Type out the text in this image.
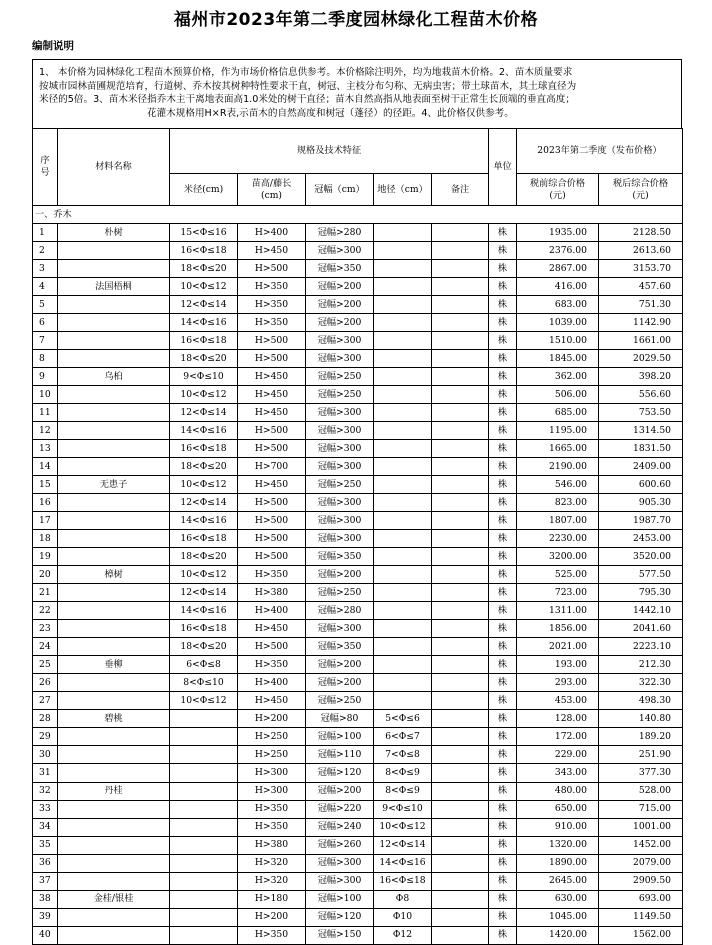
福州市2023年第二季度园林绿化工程苗木价格
编制说明
1、 本价格为园林绿化工程苗木预算价格，作为市场价格信息供参考。本价格除注明外，均为地栽苗木价格。2、苗木质量要求
按城市园林苗圃规范培育，行道树、乔木按其树种特性要求干直，树冠、主枝分布匀称、无病虫害；带土球苗木，其土球直径为
米径的5倍。3、苗木米径指乔木主干离地表面高1.0米处的树干直径；苗木自然高指从地表面至树干正常生长顶端的垂直高度；
花灌木规格用H×R表,示苗木的自然高度和树冠（蓬径）的径距。4、此价格仅供参考。
序
号	材料名称	规格及技术特征					单位	2023年第二季度（发布价格）	
		米径(cm)	苗高/藤长
(cm)	冠幅（cm）	地径（cm）	备注		税前综合价格
(元)	税后综合价格
(元)
一、乔木									
1	朴树	15<Φ≤16	H>400	冠幅>280			株	1935.00	2128.50
2		16<Φ≤18	H>450	冠幅>300			株	2376.00	2613.60
3		18<Φ≤20	H>500	冠幅>350			株	2867.00	3153.70
4	法国梧桐	10<Φ≤12	H>350	冠幅>200			株	416.00	457.60
5		12<Φ≤14	H>350	冠幅>200			株	683.00	751.30
6		14<Φ≤16	H>350	冠幅>200			株	1039.00	1142.90
7		16<Φ≤18	H>500	冠幅>300			株	1510.00	1661.00
8		18<Φ≤20	H>500	冠幅>300			株	1845.00	2029.50
9	乌桕	9<Φ≤10	H>450	冠幅>250			株	362.00	398.20
10		10<Φ≤12	H>450	冠幅>250			株	506.00	556.60
11		12<Φ≤14	H>450	冠幅>300			株	685.00	753.50
12		14<Φ≤16	H>500	冠幅>300			株	1195.00	1314.50
13		16<Φ≤18	H>500	冠幅>300			株	1665.00	1831.50
14		18<Φ≤20	H>700	冠幅>300			株	2190.00	2409.00
15	无患子	10<Φ≤12	H>450	冠幅>250			株	546.00	600.60
16		12<Φ≤14	H>500	冠幅>300			株	823.00	905.30
17		14<Φ≤16	H>500	冠幅>300			株	1807.00	1987.70
18		16<Φ≤18	H>500	冠幅>300			株	2230.00	2453.00
19		18<Φ≤20	H>500	冠幅>350			株	3200.00	3520.00
20	樟树	10<Φ≤12	H>350	冠幅>200			株	525.00	577.50
21		12<Φ≤14	H>380	冠幅>250			株	723.00	795.30
22		14<Φ≤16	H>400	冠幅>280			株	1311.00	1442.10
23		16<Φ≤18	H>450	冠幅>300			株	1856.00	2041.60
24		18<Φ≤20	H>500	冠幅>350			株	2021.00	2223.10
25	垂柳	6<Φ≤8	H>350	冠幅>200			株	193.00	212.30
26		8<Φ≤10	H>400	冠幅>200			株	293.00	322.30
27		10<Φ≤12	H>450	冠幅>250			株	453.00	498.30
28	碧桃		H>200	冠幅>80	5<Φ≤6		株	128.00	140.80
29			H>250	冠幅>100	6<Φ≤7		株	172.00	189.20
30			H>250	冠幅>110	7<Φ≤8		株	229.00	251.90
31			H>300	冠幅>120	8<Φ≤9		株	343.00	377.30
32	丹桂		H>300	冠幅>200	8<Φ≤9		株	480.00	528.00
33			H>350	冠幅>220	9<Φ≤10		株	650.00	715.00
34			H>350	冠幅>240	10<Φ≤12		株	910.00	1001.00
35			H>380	冠幅>260	12<Φ≤14		株	1320.00	1452.00
36			H>320	冠幅>300	14<Φ≤16		株	1890.00	2079.00
37			H>320	冠幅>300	16<Φ≤18		株	2645.00	2909.50
38	金桂/银桂		H>180	冠幅>100	Φ8		株	630.00	693.00
39			H>200	冠幅>120	Φ10		株	1045.00	1149.50
40			H>350	冠幅>150	Φ12		株	1420.00	1562.00
